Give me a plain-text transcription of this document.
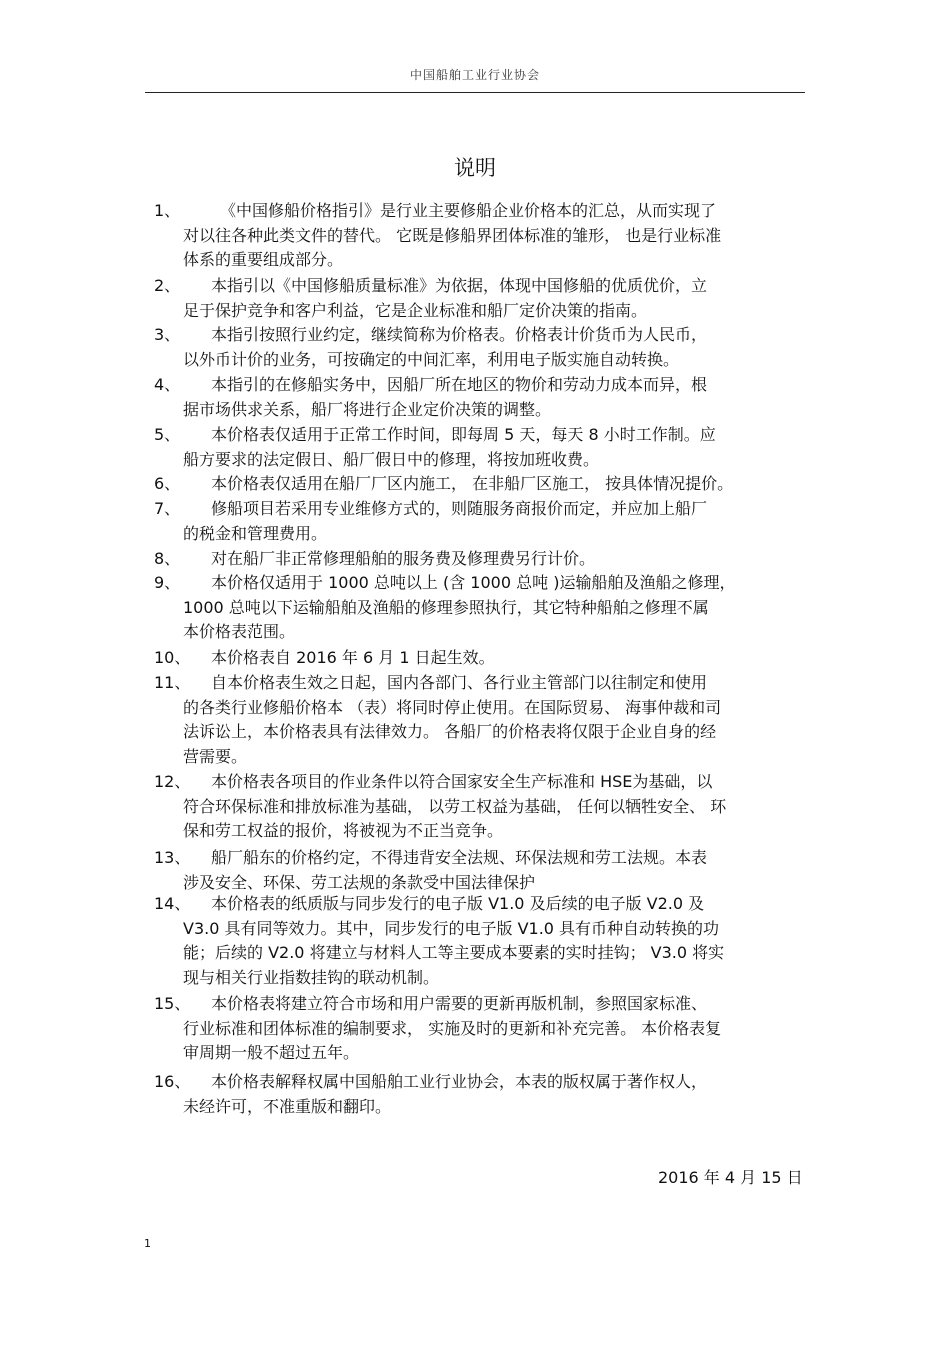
中国船舶工业行业协会
说明
1、 《中国修船价格指引》是行业主要修船企业价格本的汇总，从而实现了
对以往各种此类文件的替代。 它既是修船界团体标准的雏形， 也是行业标准
体系的重要组成部分。
2、 本指引以《中国修船质量标准》为依据，体现中国修船的优质优价，立
足于保护竞争和客户利益，它是企业标准和船厂定价决策的指南。
3、 本指引按照行业约定，继续简称为价格表。价格表计价货币为人民币，
以外币计价的业务，可按确定的中间汇率，利用电子版实施自动转换。
4、 本指引的在修船实务中，因船厂所在地区的物价和劳动力成本而异，根
据市场供求关系，船厂将进行企业定价决策的调整。
5、 本价格表仅适用于正常工作时间，即每周 5 天，每天 8 小时工作制。应
船方要求的法定假日、船厂假日中的修理，将按加班收费。
6、 本价格表仅适用在船厂厂区内施工， 在非船厂区施工， 按具体情况提价。
7、 修船项目若采用专业维修方式的，则随服务商报价而定，并应加上船厂
的税金和管理费用。
8、 对在船厂非正常修理船舶的服务费及修理费另行计价。
9、 本价格仅适用于 1000 总吨以上 (含 1000 总吨 )运输船舶及渔船之修理，
1000 总吨以下运输船舶及渔船的修理参照执行，其它特种船舶之修理不属
本价格表范围。
10、 本价格表自 2016 年 6 月 1 日起生效。
11、 自本价格表生效之日起，国内各部门、各行业主管部门以往制定和使用
的各类行业修船价格本 （表）将同时停止使用。在国际贸易、 海事仲裁和司
法诉讼上，本价格表具有法律效力。 各船厂的价格表将仅限于企业自身的经
营需要。
12、 本价格表各项目的作业条件以符合国家安全生产标准和 HSE为基础，以
符合环保标准和排放标准为基础， 以劳工权益为基础， 任何以牺牲安全、 环
保和劳工权益的报价，将被视为不正当竞争。
13、 船厂船东的价格约定，不得违背安全法规、环保法规和劳工法规。本表
涉及安全、环保、劳工法规的条款受中国法律保护
14、 本价格表的纸质版与同步发行的电子版 V1.0 及后续的电子版 V2.0 及
V3.0 具有同等效力。其中，同步发行的电子版 V1.0 具有币种自动转换的功
能；后续的 V2.0 将建立与材料人工等主要成本要素的实时挂钩； V3.0 将实
现与相关行业指数挂钩的联动机制。
15、 本价格表将建立符合市场和用户需要的更新再版机制，参照国家标准、
行业标准和团体标准的编制要求， 实施及时的更新和补充完善。 本价格表复
审周期一般不超过五年。
16、 本价格表解释权属中国船舶工业行业协会，本表的版权属于著作权人，
未经许可，不准重版和翻印。
2016 年 4 月 15 日
1
